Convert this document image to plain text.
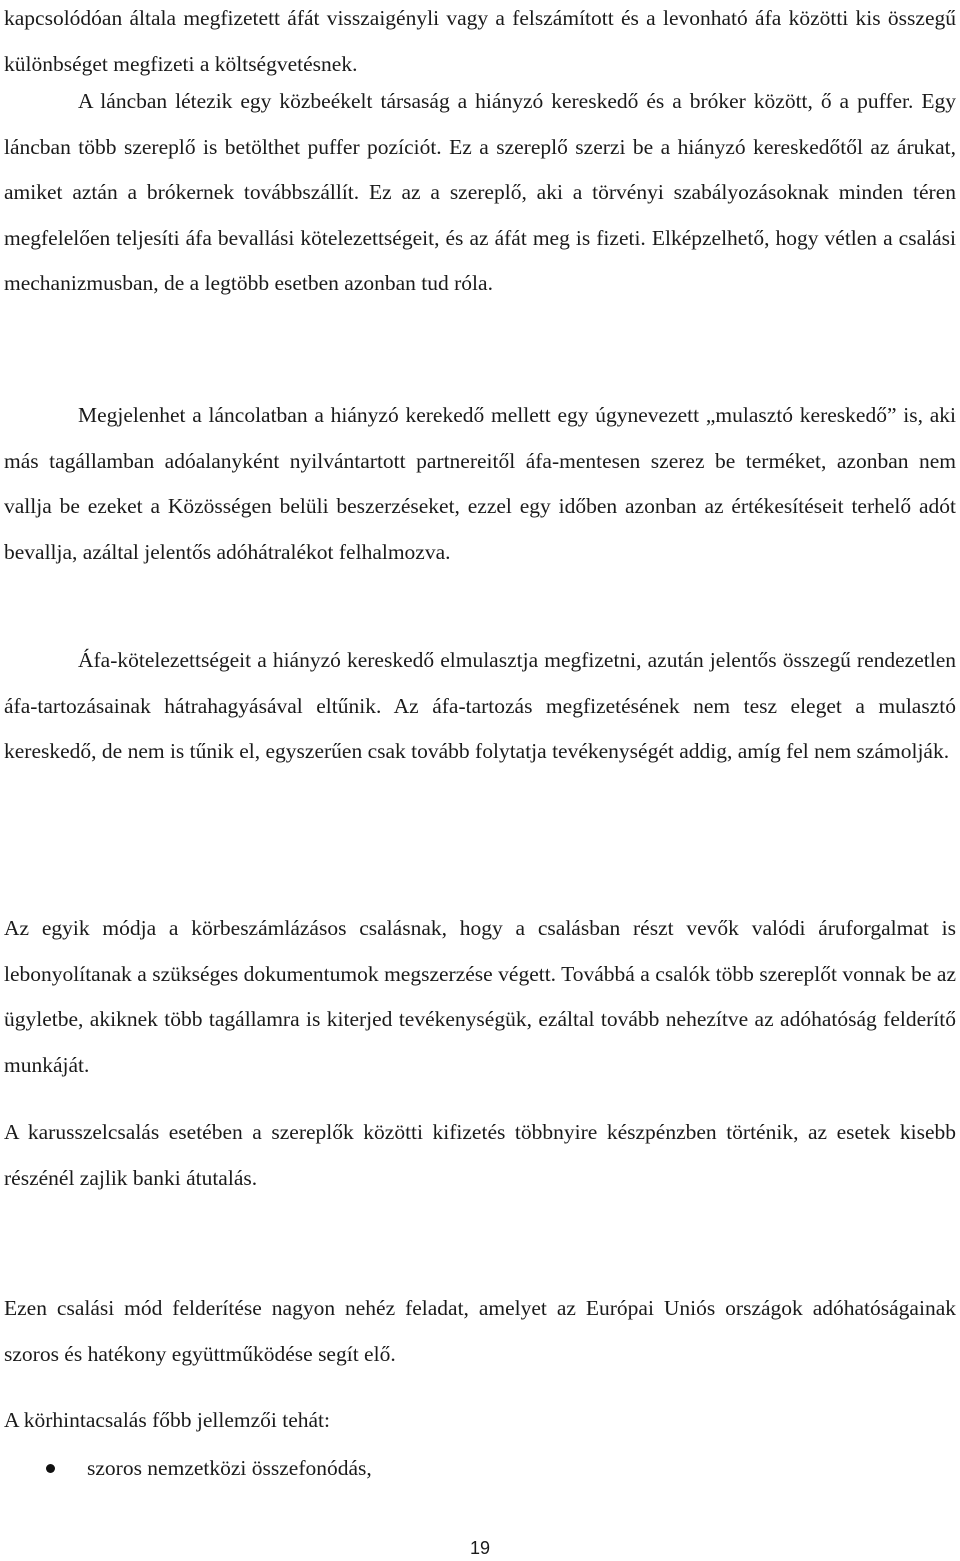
kapcsolódóan általa megfizetett áfát visszaigényli vagy a felszámított és a levonható áfa közötti kis összegű különbséget megfizeti a költségvetésnek.

A láncban létezik egy közbeékelt társaság a hiányzó kereskedő és a bróker között, ő a puffer. Egy láncban több szereplő is betölthet puffer pozíciót. Ez a szereplő szerzi be a hiányzó kereskedőtől az árukat, amiket aztán a brókernek továbbszállít. Ez az a szereplő, aki a törvényi szabályozásoknak minden téren megfelelően teljesíti áfa bevallási kötelezettségeit, és az áfát meg is fizeti. Elképzelhető, hogy vétlen a csalási mechanizmusban, de a legtöbb esetben azonban tud róla.

Megjelenhet a láncolatban a hiányzó kerekedő mellett egy úgynevezett „mulasztó kereskedő” is, aki más tagállamban adóalanyként nyilvántartott partnereitől áfa-mentesen szerez be terméket, azonban nem vallja be ezeket a Közösségen belüli beszerzéseket, ezzel egy időben azonban az értékesítéseit terhelő adót bevallja, azáltal jelentős adóhátralékot felhalmozva.

Áfa-kötelezettségeit a hiányzó kereskedő elmulasztja megfizetni, azután jelentős összegű rendezetlen áfa-tartozásainak hátrahagyásával eltűnik. Az áfa-tartozás megfizetésének nem tesz eleget a mulasztó kereskedő, de nem is tűnik el, egyszerűen csak tovább folytatja tevékenységét addig, amíg fel nem számolják.

Az egyik módja a körbeszámlázásos csalásnak, hogy a csalásban részt vevők valódi áruforgalmat is lebonyolítanak a szükséges dokumentumok megszerzése végett. Továbbá a csalók több szereplőt vonnak be az ügyletbe, akiknek több tagállamra is kiterjed tevékenységük, ezáltal tovább nehezítve az adóhatóság felderítő munkáját.

A karusszelcsalás esetében a szereplők közötti kifizetés többnyire készpénzben történik, az esetek kisebb részénél zajlik banki átutalás.

Ezen csalási mód felderítése nagyon nehéz feladat, amelyet az Európai Uniós országok adóhatóságainak szoros és hatékony együttműködése segít elő.

A körhintacsalás főbb jellemzői tehát:

szoros nemzetközi összefonódás,
19
